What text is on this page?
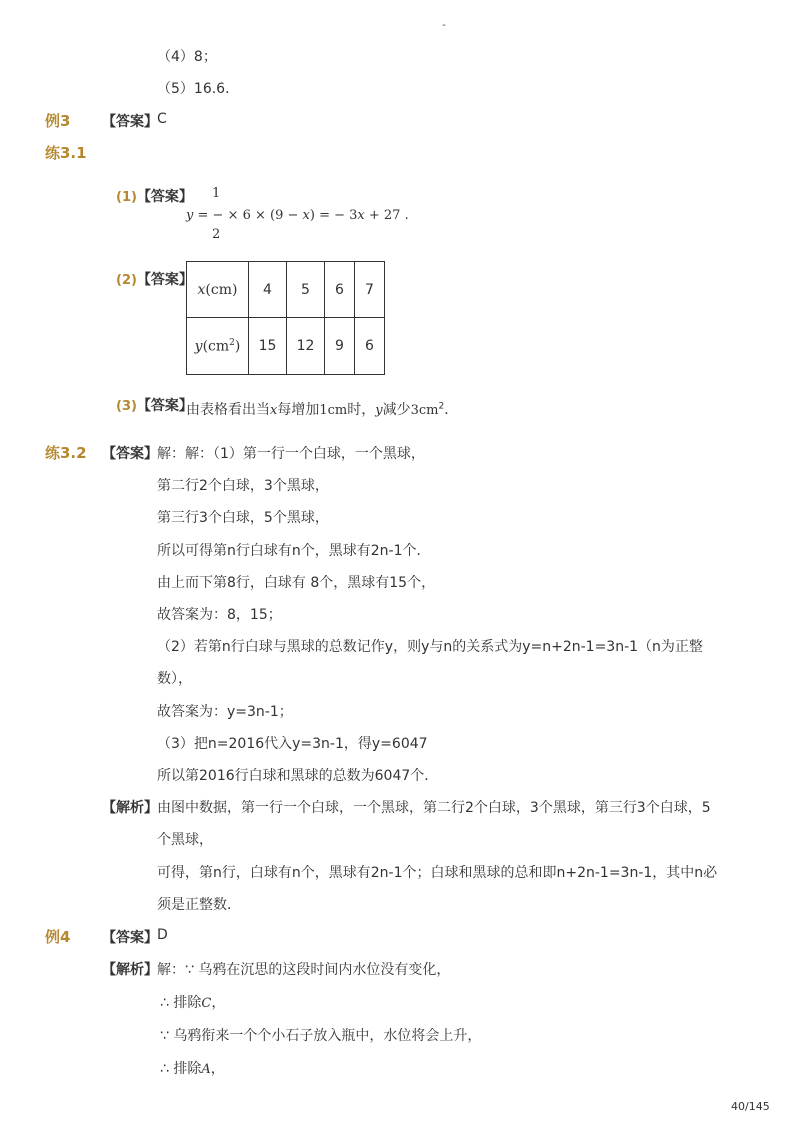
-
（4）8；
（5）16.6．
例3 【答案】 C
练3.1
(1)【答案】 1
2
y = − × 6 × (9 − x) = − 3x + 27 .
(2)【答案】
x(cm)	4	5	6	7
$y(cm^2)$	15	12	9	6
(3)【答案】
由表格看出当x每增加1cm时，y减少$3cm^2$．
练3.2 【答案】 解：解：（1）第一行一个白球，一个黑球，
第二行2个白球，3个黑球，
第三行3个白球，5个黑球，
所以可得第n行白球有n个，黑球有2n-1个．
由上而下第8行，白球有 8个，黑球有15个，
故答案为：8，15；
（2）若第n行白球与黑球的总数记作y，则y与n的关系式为y=n+2n-1=3n-1（n为正整
数），
故答案为：y=3n-1；
（3）把n=2016代入y=3n-1，得y=6047
所以第2016行白球和黑球的总数为6047个．
【解析】 由图中数据，第一行一个白球，一个黑球，第二行2个白球，3个黑球，第三行3个白球，5
个黑球，
可得，第n行，白球有n个，黑球有2n-1个；白球和黑球的总和即n+2n-1=3n-1，其中n必
须是正整数．
例4 【答案】 D
【解析】 解：∵ 乌鸦在沉思的这段时间内水位没有变化，
∴ 排除C，
∵ 乌鸦衔来一个个小石子放入瓶中，水位将会上升，
∴ 排除A，
40/145
